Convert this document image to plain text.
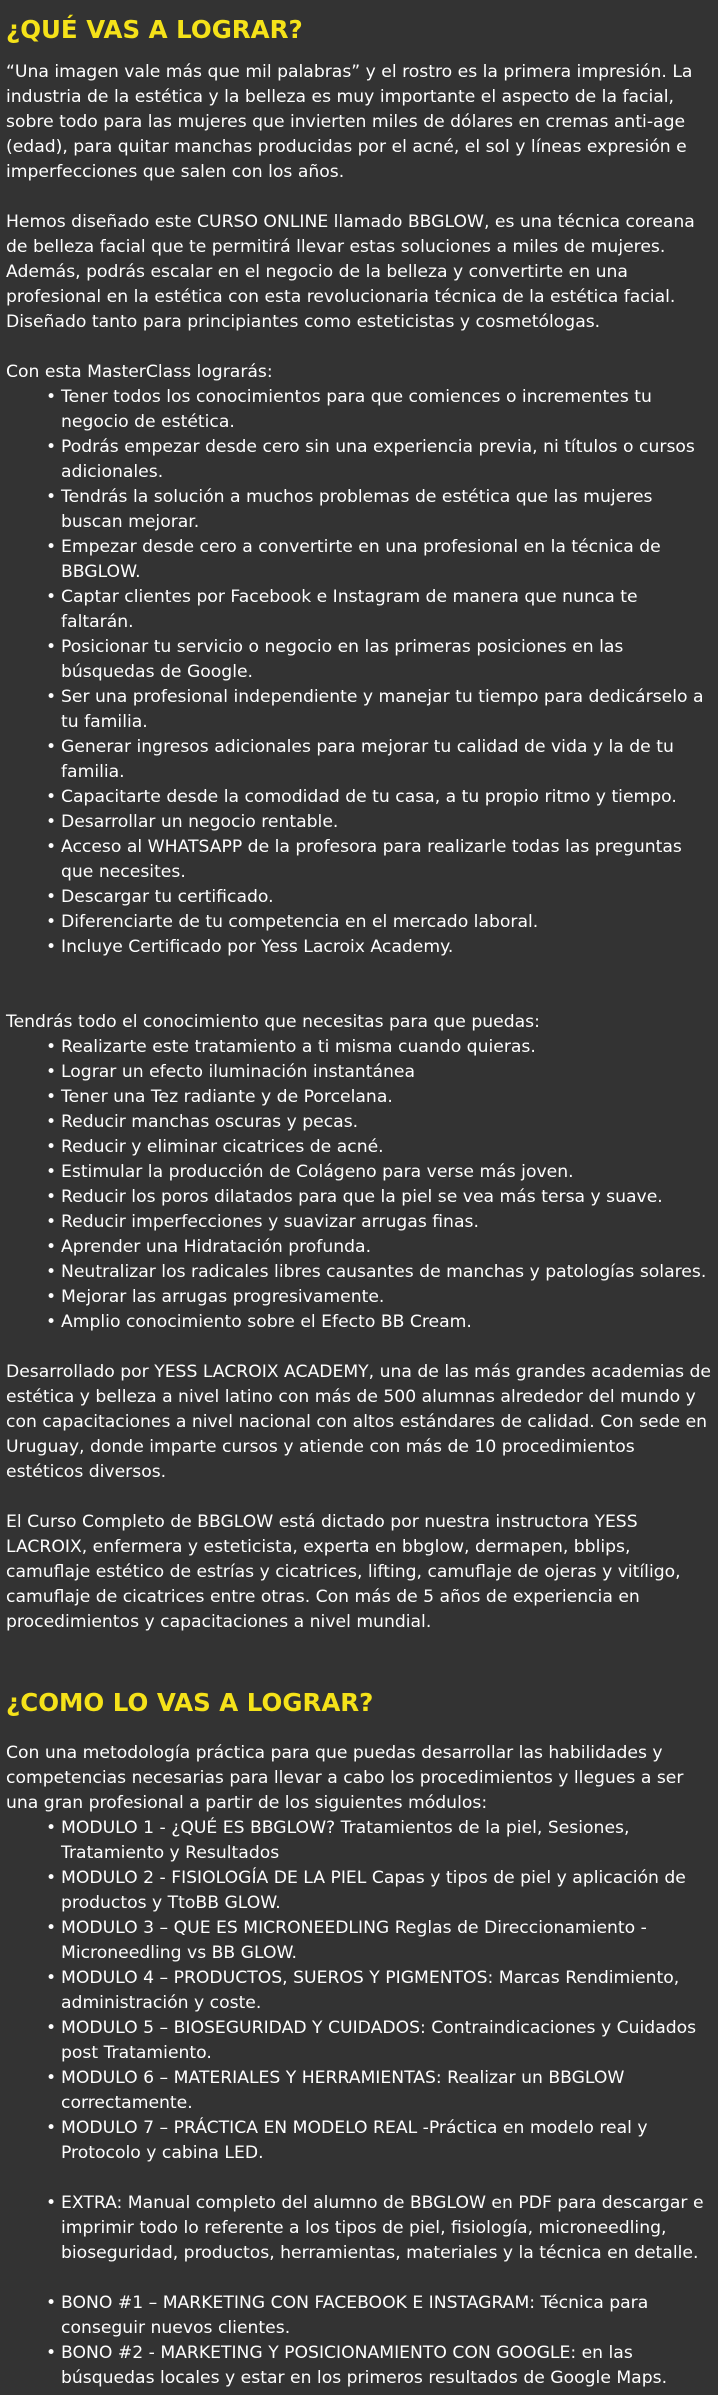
¿QUÉ VAS A LOGRAR?

“Una imagen vale más que mil palabras” y el rostro es la primera impresión. La industria de la estética y la belleza es muy importante el aspecto de la facial, sobre todo para las mujeres que invierten miles de dólares en cremas anti-age (edad), para quitar manchas producidas por el acné, el sol y líneas expresión e imperfecciones que salen con los años.

Hemos diseñado este CURSO ONLINE llamado BBGLOW, es una técnica coreana de belleza facial que te permitirá llevar estas soluciones a miles de mujeres. Además, podrás escalar en el negocio de la belleza y convertirte en una profesional en la estética con esta revolucionaria técnica de la estética facial. Diseñado tanto para principiantes como esteticistas y cosmetólogas.

Con esta MasterClass lograrás:

• Tener todos los conocimientos para que comiences o incrementes tu negocio de estética.
• Podrás empezar desde cero sin una experiencia previa, ni títulos o cursos adicionales.
• Tendrás la solución a muchos problemas de estética que las mujeres buscan mejorar.
• Empezar desde cero a convertirte en una profesional en la técnica de BBGLOW.
• Captar clientes por Facebook e Instagram de manera que nunca te faltarán.
• Posicionar tu servicio o negocio en las primeras posiciones en las búsquedas de Google.
• Ser una profesional independiente y manejar tu tiempo para dedicárselo a tu familia.
• Generar ingresos adicionales para mejorar tu calidad de vida y la de tu familia.
• Capacitarte desde la comodidad de tu casa, a tu propio ritmo y tiempo.
• Desarrollar un negocio rentable.
• Acceso al WHATSAPP de la profesora para realizarle todas las preguntas que necesites.
• Descargar tu certificado.
• Diferenciarte de tu competencia en el mercado laboral.
• Incluye Certificado por Yess Lacroix Academy.

Tendrás todo el conocimiento que necesitas para que puedas:

• Realizarte este tratamiento a ti misma cuando quieras.
• Lograr un efecto iluminación instantánea
• Tener una Tez radiante y de Porcelana.
• Reducir manchas oscuras y pecas.
• Reducir y eliminar cicatrices de acné.
• Estimular la producción de Colágeno para verse más joven.
• Reducir los poros dilatados para que la piel se vea más tersa y suave.
• Reducir imperfecciones y suavizar arrugas finas.
• Aprender una Hidratación profunda.
• Neutralizar los radicales libres causantes de manchas y patologías solares.
• Mejorar las arrugas progresivamente.
• Amplio conocimiento sobre el Efecto BB Cream.

Desarrollado por YESS LACROIX ACADEMY, una de las más grandes academias de estética y belleza a nivel latino con más de 500 alumnas alrededor del mundo y con capacitaciones a nivel nacional con altos estándares de calidad. Con sede en Uruguay, donde imparte cursos y atiende con más de 10 procedimientos estéticos diversos.

El Curso Completo de BBGLOW está dictado por nuestra instructora YESS LACROIX, enfermera y esteticista, experta en bbglow, dermapen, bblips, camuflaje estético de estrías y cicatrices, lifting, camuflaje de ojeras y vitíligo, camuflaje de cicatrices entre otras. Con más de 5 años de experiencia en procedimientos y capacitaciones a nivel mundial.

¿COMO LO VAS A LOGRAR?

Con una metodología práctica para que puedas desarrollar las habilidades y competencias necesarias para llevar a cabo los procedimientos y llegues a ser una gran profesional a partir de los siguientes módulos:

• MODULO 1 - ¿QUÉ ES BBGLOW? Tratamientos de la piel, Sesiones, Tratamiento y Resultados
• MODULO 2 - FISIOLOGÍA DE LA PIEL Capas y tipos de piel y aplicación de productos y TtoBB GLOW.
• MODULO 3 – QUE ES MICRONEEDLING Reglas de Direccionamiento - Microneedling vs BB GLOW.
• MODULO 4 – PRODUCTOS, SUEROS Y PIGMENTOS: Marcas Rendimiento, administración y coste.
• MODULO 5 – BIOSEGURIDAD Y CUIDADOS: Contraindicaciones y Cuidados post Tratamiento.
• MODULO 6 – MATERIALES Y HERRAMIENTAS: Realizar un BBGLOW correctamente.
• MODULO 7 – PRÁCTICA EN MODELO REAL -Práctica en modelo real y Protocolo y cabina LED.
• EXTRA: Manual completo del alumno de BBGLOW en PDF para descargar e imprimir todo lo referente a los tipos de piel, fisiología, microneedling, bioseguridad, productos, herramientas, materiales y la técnica en detalle.
• BONO #1 – MARKETING CON FACEBOOK E INSTAGRAM: Técnica para conseguir nuevos clientes.
• BONO #2 - MARKETING Y POSICIONAMIENTO CON GOOGLE: en las búsquedas locales y estar en los primeros resultados de Google Maps.
